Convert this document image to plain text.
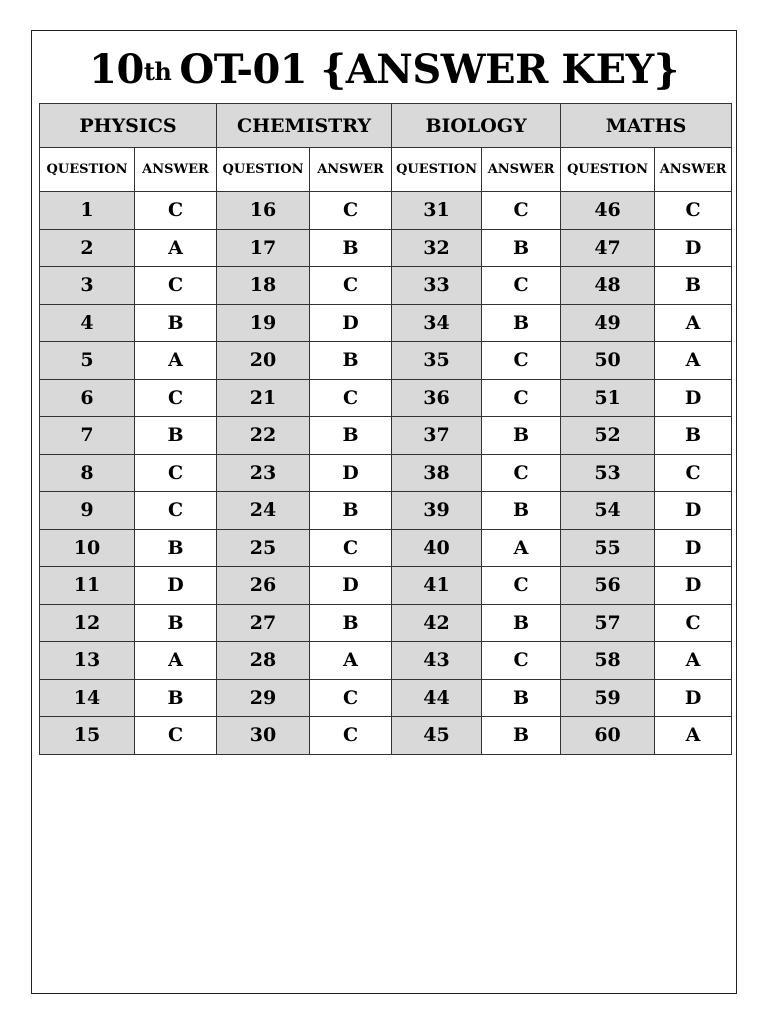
10th OT-01 {ANSWER KEY}
PHYSICS		CHEMISTRY		BIOLOGY		MATHS	
QUESTION	ANSWER	QUESTION	ANSWER	QUESTION	ANSWER	QUESTION	ANSWER
1	C	16	C	31	C	46	C
2	A	17	B	32	B	47	D
3	C	18	C	33	C	48	B
4	B	19	D	34	B	49	A
5	A	20	B	35	C	50	A
6	C	21	C	36	C	51	D
7	B	22	B	37	B	52	B
8	C	23	D	38	C	53	C
9	C	24	B	39	B	54	D
10	B	25	C	40	A	55	D
11	D	26	D	41	C	56	D
12	B	27	B	42	B	57	C
13	A	28	A	43	C	58	A
14	B	29	C	44	B	59	D
15	C	30	C	45	B	60	A
